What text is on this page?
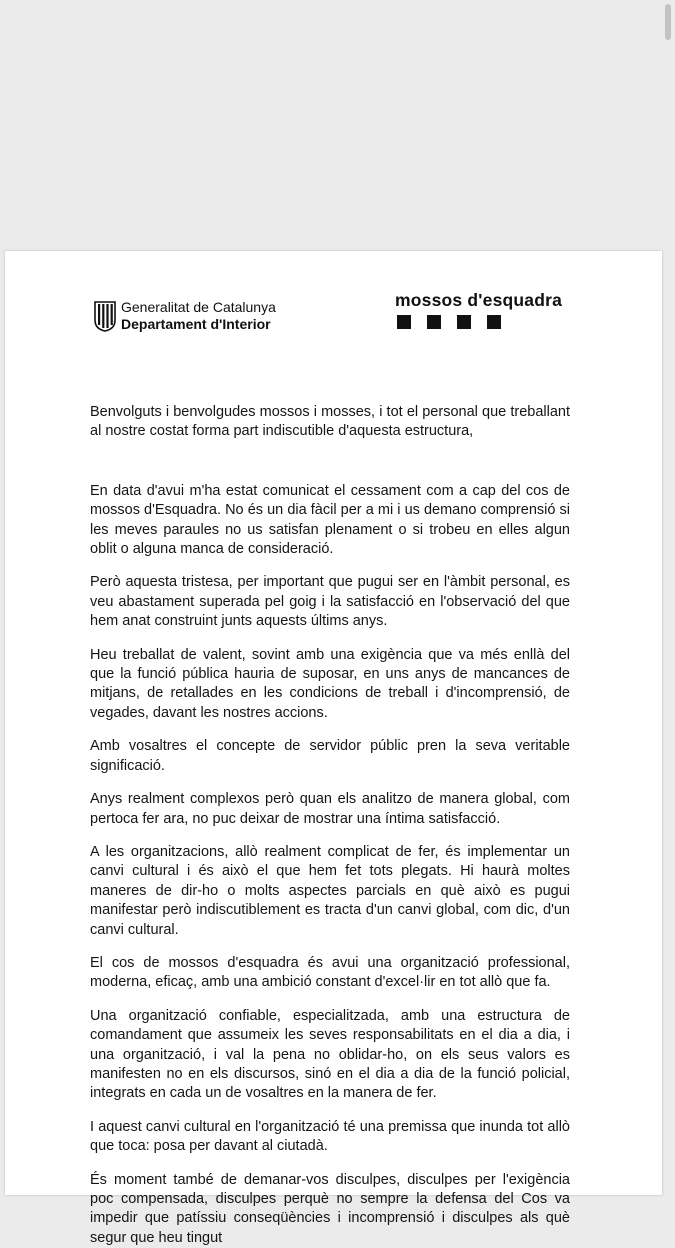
Generalitat de Catalunya
Departament d'Interior
mossos d'esquadra

Benvolguts i benvolgudes mossos i mosses, i tot el personal que treballant al nostre costat forma part indiscutible d'aquesta estructura,

En data d'avui m'ha estat comunicat el cessament com a cap del cos de mossos d'Esquadra. No és un dia fàcil per a mi i us demano comprensió si les meves paraules no us satisfan plenament o si trobeu en elles algun oblit o alguna manca de consideració.

Però aquesta tristesa, per important que pugui ser en l'àmbit personal, es veu abastament superada pel goig i la satisfacció en l'observació del que hem anat construint junts aquests últims anys.

Heu treballat de valent, sovint amb una exigència que va més enllà del que la funció pública hauria de suposar, en uns anys de mancances de mitjans, de retallades en les condicions de treball i d'incomprensió, de vegades, davant les nostres accions.

Amb vosaltres el concepte de servidor públic pren la seva veritable significació.

Anys realment complexos però quan els analitzo de manera global, com pertoca fer ara, no puc deixar de mostrar una íntima satisfacció.

A les organitzacions, allò realment complicat de fer, és implementar un canvi cultural i és això el que hem fet tots plegats. Hi haurà moltes maneres de dir-ho o molts aspectes parcials en què això es pugui manifestar però indiscutiblement es tracta d'un canvi global, com dic, d'un canvi cultural.

El cos de mossos d'esquadra és avui una organització professional, moderna, eficaç, amb una ambició constant d'excel·lir en tot allò que fa.

Una organització confiable, especialitzada, amb una estructura de comandament que assumeix les seves responsabilitats en el dia a dia, i una organització, i val la pena no oblidar-ho, on els seus valors es manifesten no en els discursos, sinó en el dia a dia de la funció policial, integrats en cada un de vosaltres en la manera de fer.

I aquest canvi cultural en l'organització té una premissa que inunda tot allò que toca: posa per davant al ciutadà.

És moment també de demanar-vos disculpes, disculpes per l'exigència poc compensada, disculpes perquè no sempre la defensa del Cos va impedir que patíssiu conseqüències i incomprensió i disculpes als què segur que heu tingut
